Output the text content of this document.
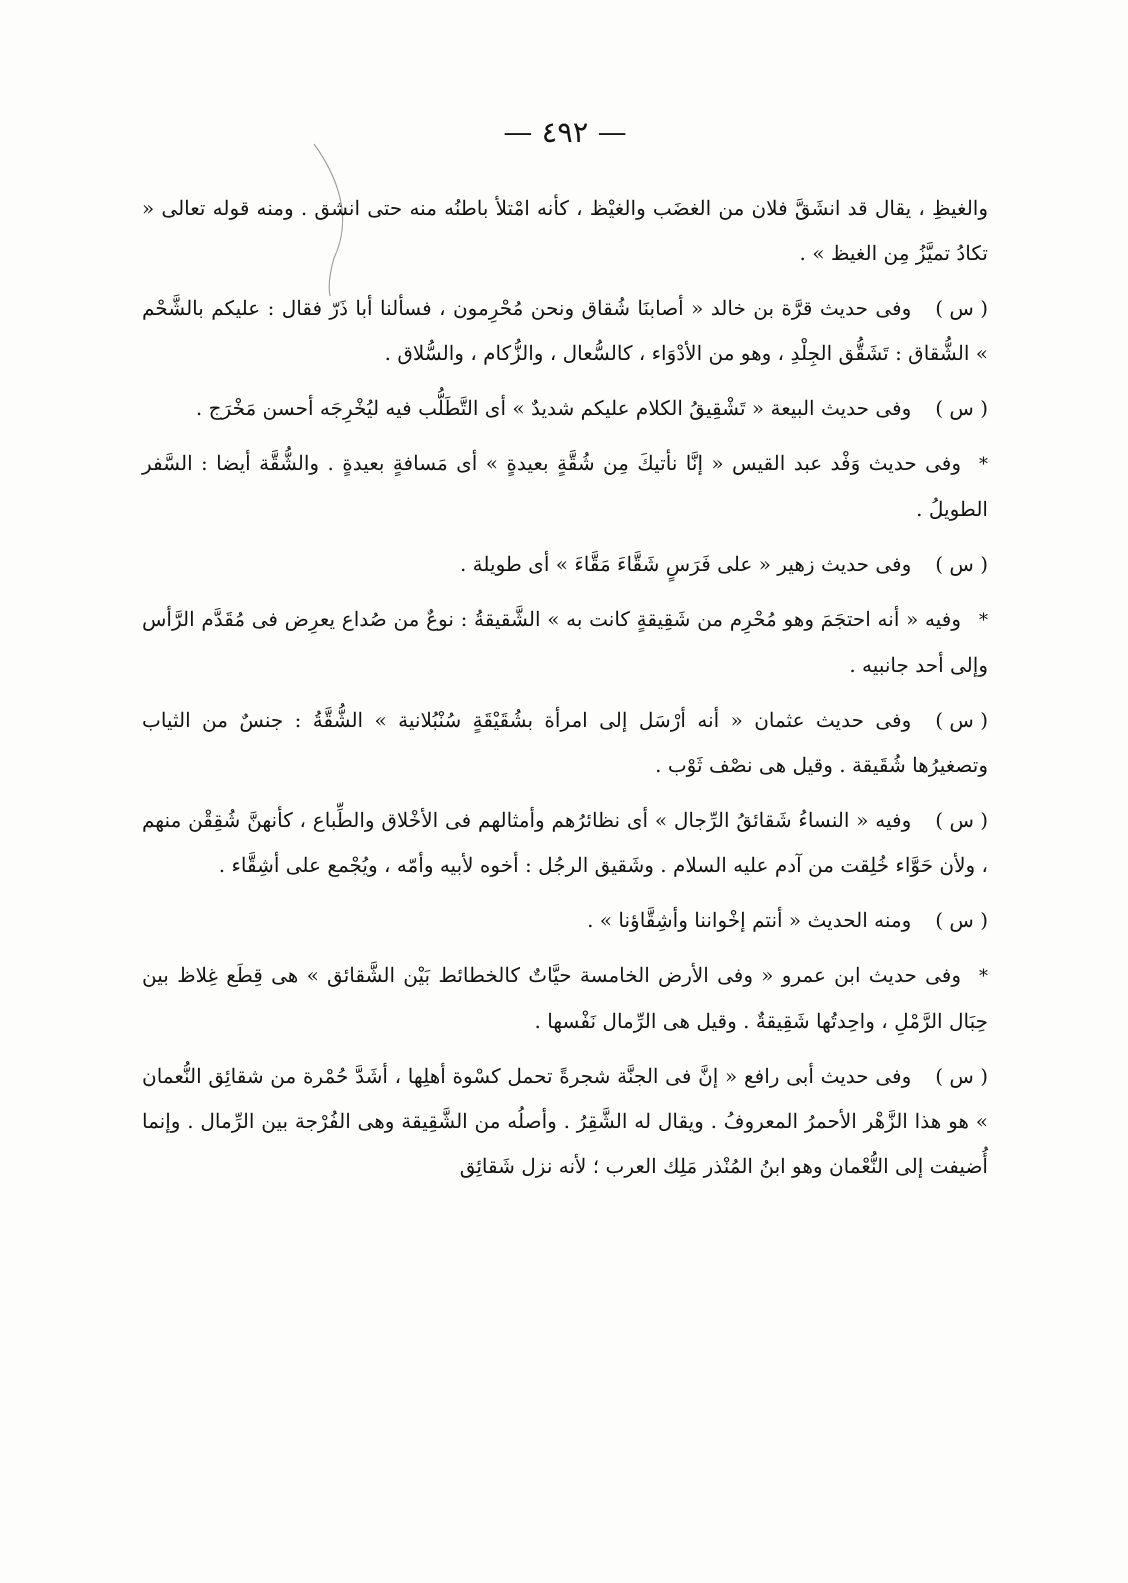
— ٤٩٢ —

والغيظِ ، يقال قد انشَقَّ فلان من الغضَب والغيْظ ، كأنه امْتلأ باطنُه منه حتى انشق . ومنه قوله تعالى « تكادُ تميَّزُ مِن الغيظ » .

( س )وفى حديث قرَّة بن خالد « أصابنَا شُقاق ونحن مُحْرِمون ، فسألنا أبا ذَرّ فقال : عليكم بالشَّحْم » الشُّقاق : تَشَقُّق الجِلْدِ ، وهو من الأدْوَاء ، كالسُّعال ، والزُّكام ، والسُّلاق .

( س )وفى حديث البيعة « تَشْقِيقُ الكلام عليكم شديدٌ » أى التَّطَلُّب فيه ليُخْرِجَه أحسن مَخْرَج .

*وفى حديث وَفْد عبد القيس « إنَّا نأتيكَ مِن شُقَّةٍ بعيدةٍ » أى مَسافةٍ بعيدةٍ . والشُّقَّة أيضا : السَّفر الطويلُ .

( س )وفى حديث زهير « على فَرَسٍ شَقَّاءَ مَقَّاءَ » أى طويلة .

*وفيه « أنه احتجَمَ وهو مُحْرِم من شَقِيقةٍ كانت به » الشَّقيقةُ : نوعٌ من صُداع يعرِض فى مُقَدَّم الرَّأس وإلى أحد جانبيه .

( س )وفى حديث عثمان « أنه أرْسَل إلى امرأة بشُقَيْقَةٍ سُنْبُلانية » الشُّقَّةُ : جنسٌ من الثياب وتصغيرُها شُقَيقة . وقيل هى نصْف ثَوْب .

( س )وفيه « النساءُ شَقائقُ الرِّجال » أى نظائرُهم وأمثالهم فى الأخْلاق والطِّباع ، كأنهنَّ شُقِقْن منهم ، ولأن حَوَّاء خُلِقت من آدم عليه السلام . وشَقيق الرجُل : أخوه لأبيه وأمّه ، ويُجْمع على أشِقَّاء .

( س )ومنه الحديث « أنتم إخْواننا وأشِقَّاؤنا » .

*وفى حديث ابن عمرو « وفى الأرض الخامسة حيَّاتٌ كالخطائط بَيْن الشَّقائق » هى قِطَع غِلاظ بين حِبَال الرَّمْلِ ، واحِدتُها شَقِيقةٌ . وقيل هى الرِّمال نَفْسها .

( س )وفى حديث أبى رافع « إنَّ فى الجنَّة شجرةً تحمل كسْوة أهلِها ، أشَدَّ حُمْرة من شقائِق النُّعمان » هو هذا الزَّهْر الأحمرُ المعروفُ . ويقال له الشَّقِرُ . وأصلُه من الشَّقِيقة وهى الفُرْجة بين الرِّمال . وإنما أُضيفت إلى النُّعْمان وهو ابنُ المُنْذر مَلِك العرب ؛ لأنه نزل شَقائِق
